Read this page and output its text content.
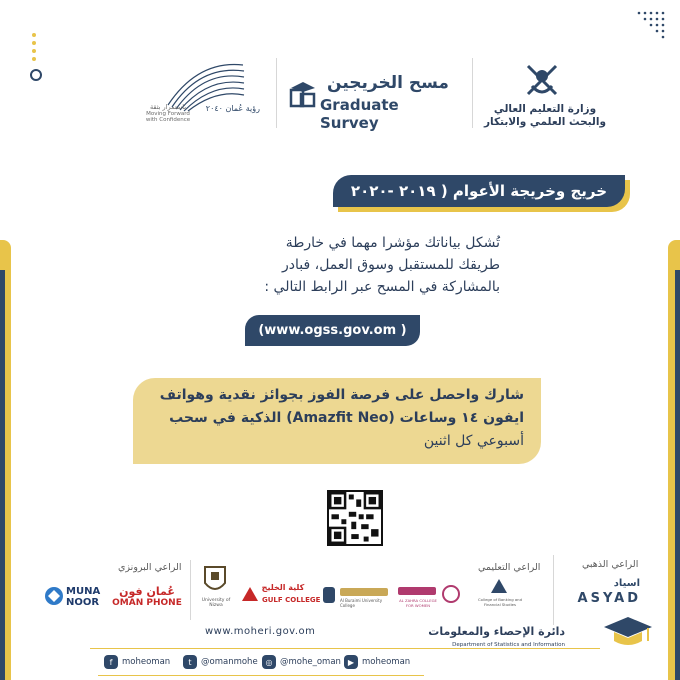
وزارة التعليم العالي
والبحث العلمي والابتكار
مسح الخريجين
Graduate Survey
رؤية عُمان ٢٠٤٠
باستمرار بثقة
Moving Forward
with Confidence
خريج وخريجة الأعوام ( ٢٠١٩ -٢٠٢٠ -٢٠٢١ )
تُشكل بياناتك مؤشرا مهما في خارطة
طريقك للمستقبل وسوق العمل، فبادر
بالمشاركة في المسح عبر الرابط التالي :
(www.ogss.gov.om )
شارك واحصل على فرصة الفوز بجوائز نقدية وهواتف
ايفون ١٤ وساعات (Amazfit Neo) الذكية في سحب
أسبوعي كل اثنين
الراعي البرونزي	الراعي التعليمي	الراعي الذهبي
MUNA
NOOR
عُمان فون
OMAN PHONE	University of Nizwa
كلية الخليج
GULF COLLEGE	Al Buraimi University College
AL ZAHRA COLLEGE FOR WOMEN
College of Banking and Financial Studies
اسياد
ASYAD
www.moheri.gov.om	دائرة الإحصاء والمعلومات
Department of Statistics and Information
f	moheoman	t	@omanmohe ◎ @mohe_oman ▶ moheoman
